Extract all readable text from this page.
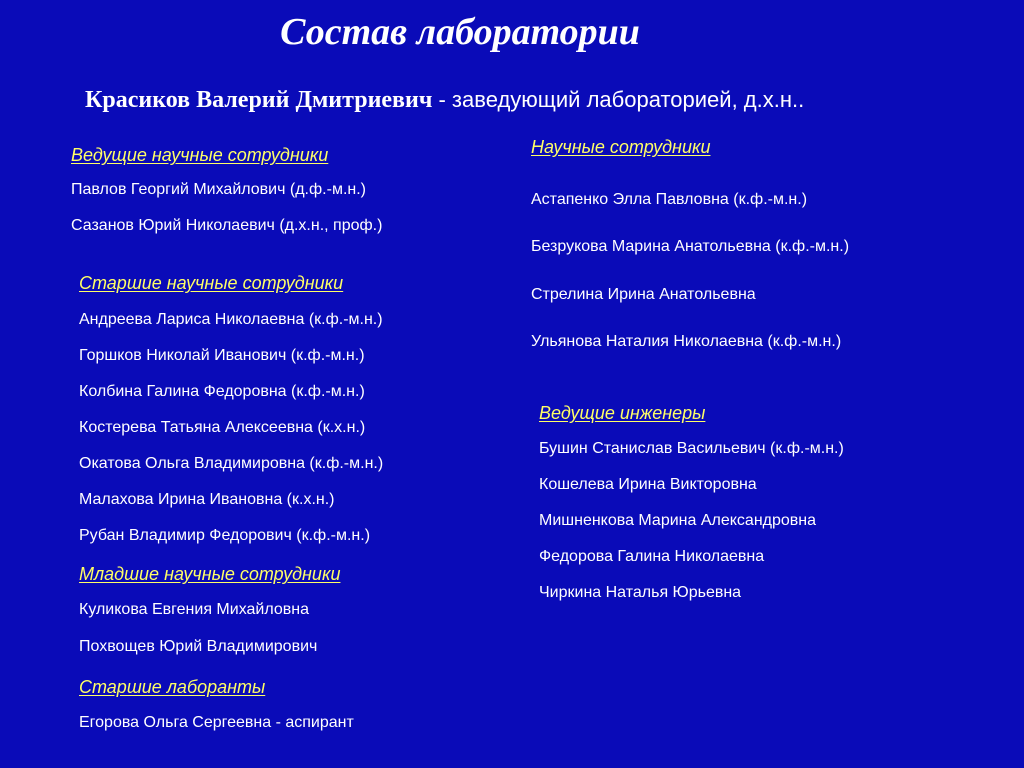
Состав лаборатории
Красиков Валерий Дмитриевич - заведующий лабораторией, д.х.н..
Ведущие научные сотрудники
Павлов Георгий Михайлович (д.ф.-м.н.)
Сазанов Юрий Николаевич (д.х.н., проф.)
Старшие научные сотрудники
Андреева Лариса Николаевна (к.ф.-м.н.)
Горшков Николай Иванович (к.ф.-м.н.)
Колбина Галина Федоровна (к.ф.-м.н.)
Костерева Татьяна Алексеевна (к.х.н.)
Окатова Ольга Владимировна (к.ф.-м.н.)
Малахова Ирина Ивановна (к.х.н.)
Рубан Владимир Федорович (к.ф.-м.н.)
Младшие научные сотрудники
Куликова Евгения Михайловна
Похвощев Юрий Владимирович
Старшие лаборанты
Егорова Ольга Сергеевна - аспирант
Научные сотрудники
Астапенко Элла Павловна (к.ф.-м.н.)
Безрукова Марина Анатольевна (к.ф.-м.н.)
Стрелина Ирина Анатольевна
Ульянова Наталия Николаевна (к.ф.-м.н.)
Ведущие инженеры
Бушин Станислав Васильевич (к.ф.-м.н.)
Кошелева Ирина Викторовна
Мишненкова Марина Александровна
Федорова Галина Николаевна
Чиркина Наталья Юрьевна
